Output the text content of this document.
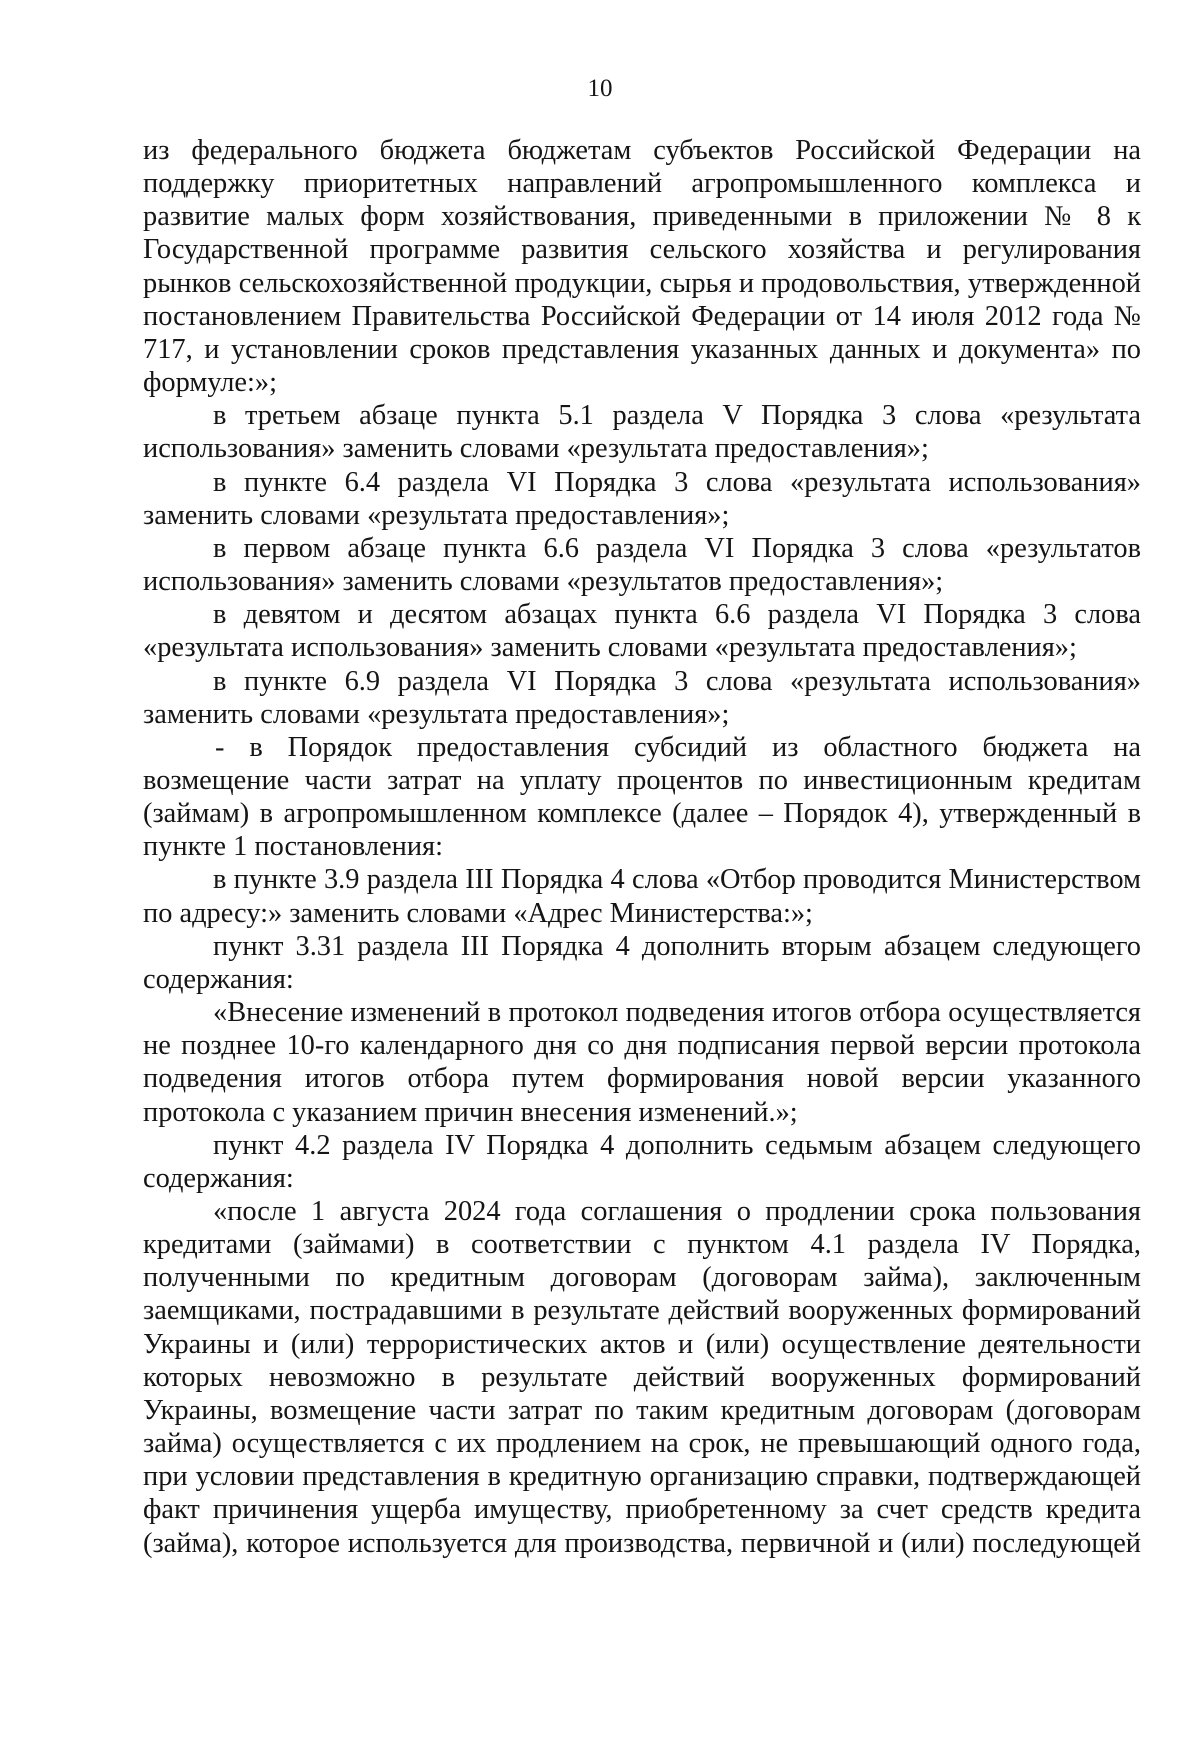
10

из федерального бюджета бюджетам субъектов Российской Федерации на поддержку приоритетных направлений агропромышленного комплекса и развитие малых форм хозяйствования, приведенными в приложении № 8 к Государственной программе развития сельского хозяйства и регулирования рынков сельскохозяйственной продукции, сырья и продовольствия, утвержденной постановлением Правительства Российской Федерации от 14 июля 2012 года № 717, и установлении сроков представления указанных данных и документа» по формуле:»;

в третьем абзаце пункта 5.1 раздела V Порядка 3 слова «результата использования» заменить словами «результата предоставления»;

в пункте 6.4 раздела VI Порядка 3 слова «результата использования» заменить словами «результата предоставления»;

в первом абзаце пункта 6.6 раздела VI Порядка 3 слова «результатов использования» заменить словами «результатов предоставления»;

в девятом и десятом абзацах пункта 6.6 раздела VI Порядка 3 слова «результата использования» заменить словами «результата предоставления»;

в пункте 6.9 раздела VI Порядка 3 слова «результата использования» заменить словами «результата предоставления»;

- в Порядок предоставления субсидий из областного бюджета на возмещение части затрат на уплату процентов по инвестиционным кредитам (займам) в агропромышленном комплексе (далее – Порядок 4), утвержденный в пункте 1 постановления:

в пункте 3.9 раздела III Порядка 4 слова «Отбор проводится Министерством по адресу:» заменить словами «Адрес Министерства:»;

пункт 3.31 раздела III Порядка 4 дополнить вторым абзацем следующего содержания:

«Внесение изменений в протокол подведения итогов отбора осуществляется не позднее 10-го календарного дня со дня подписания первой версии протокола подведения итогов отбора путем формирования новой версии указанного протокола с указанием причин внесения изменений.»;

пункт 4.2 раздела IV Порядка 4 дополнить седьмым абзацем следующего содержания:

«после 1 августа 2024 года соглашения о продлении срока пользования кредитами (займами) в соответствии с пунктом 4.1 раздела IV Порядка, полученными по кредитным договорам (договорам займа), заключенным заемщиками, пострадавшими в результате действий вооруженных формирований Украины и (или) террористических актов и (или) осуществление деятельности которых невозможно в результате действий вооруженных формирований Украины, возмещение части затрат по таким кредитным договорам (договорам займа) осуществляется с их продлением на срок, не превышающий одного года, при условии представления в кредитную организацию справки, подтверждающей факт причинения ущерба имуществу, приобретенному за счет средств кредита (займа), которое используется для производства, первичной и (или) последующей
